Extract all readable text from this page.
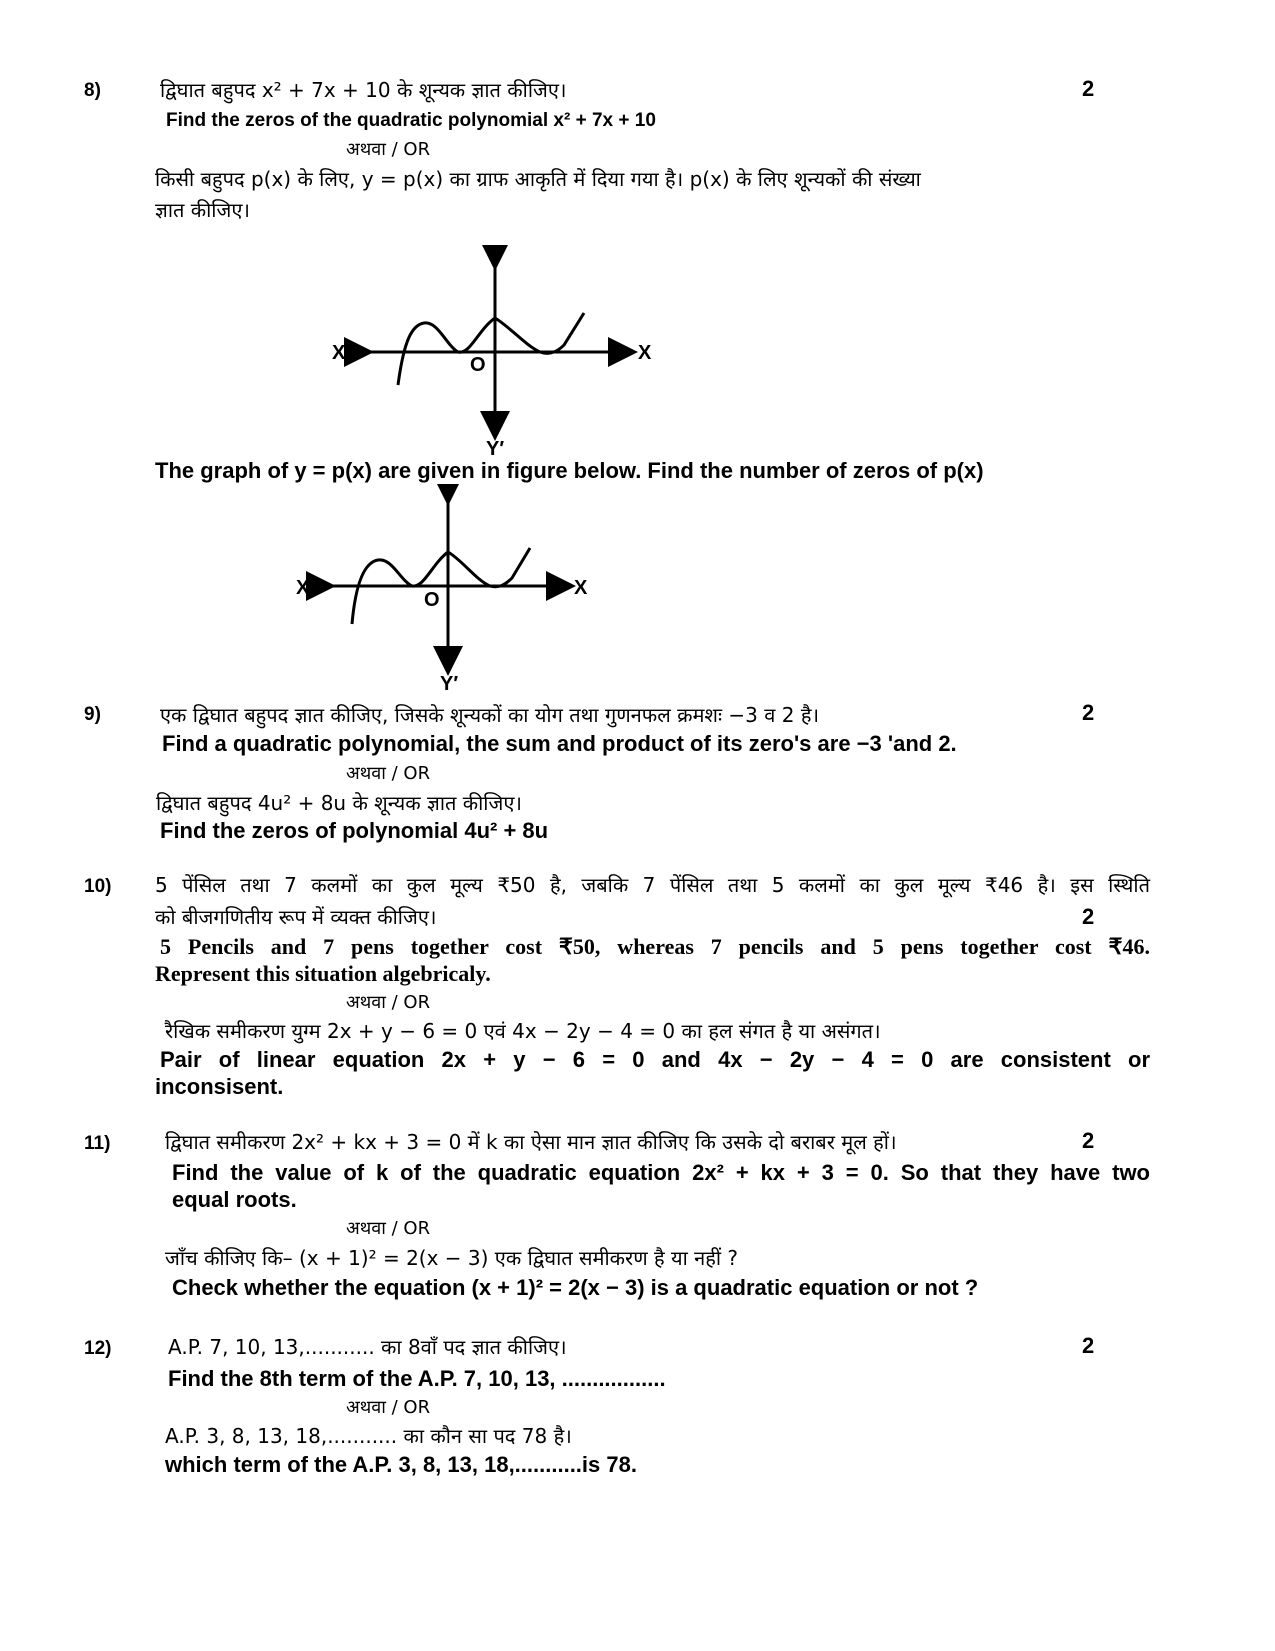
8)	2
द्विघात बहुपद x² + 7x + 10 के शून्यक ज्ञात कीजिए।
Find the zeros of the quadratic polynomial x² + 7x + 10
अथवा / OR
किसी बहुपद p(x) के लिए, y = p(x) का ग्राफ आकृति में दिया गया है। p(x) के लिए शून्यकों की संख्या
ज्ञात कीजिए।
X′	X
Y
Y′
O
The graph of y = p(x) are given in figure below. Find the number of zeros of p(x)
X′	X
Y
Y′
O
9)	2
एक द्विघात बहुपद ज्ञात कीजिए, जिसके शून्यकों का योग तथा गुणनफल क्रमशः −3 व 2 है।
Find a quadratic polynomial, the sum and product of its zero's are −3 'and 2.
अथवा / OR
द्विघात बहुपद 4u² + 8u के शून्यक ज्ञात कीजिए।
Find the zeros of polynomial 4u² + 8u
10) 5 पेंसिल तथा 7 कलमों का कुल मूल्य ₹50 है, जबकि 7 पेंसिल तथा 5 कलमों का कुल मूल्य ₹46 है। इस स्थिति
को बीजगणितीय रूप में व्यक्त कीजिए।	2
5 Pencils and 7 pens together cost ₹50, whereas 7 pencils and 5 pens together cost ₹46.
Represent this situation algebricaly.
अथवा / OR
रैखिक समीकरण युग्म 2x + y − 6 = 0 एवं 4x − 2y − 4 = 0 का हल संगत है या असंगत।
Pair of linear equation 2x + y − 6 = 0 and 4x − 2y − 4 = 0 are consistent or
inconsisent.
11)	द्विघात समीकरण 2x² + kx + 3 = 0 में k का ऐसा मान ज्ञात कीजिए कि उसके दो बराबर मूल हों।	2
Find the value of k of the quadratic equation 2x² + kx + 3 = 0. So that they have two
equal roots.
अथवा / OR
जाँच कीजिए कि– (x + 1)² = 2(x − 3) एक द्विघात समीकरण है या नहीं ?
Check whether the equation (x + 1)² = 2(x − 3) is a quadratic equation or not ?
12)	A.P. 7, 10, 13,........... का 8वाँ पद ज्ञात कीजिए।	2
Find the 8th term of the A.P. 7, 10, 13, .................
अथवा / OR
A.P. 3, 8, 13, 18,........... का कौन सा पद 78 है।
which term of the A.P. 3, 8, 13, 18,...........is 78.
